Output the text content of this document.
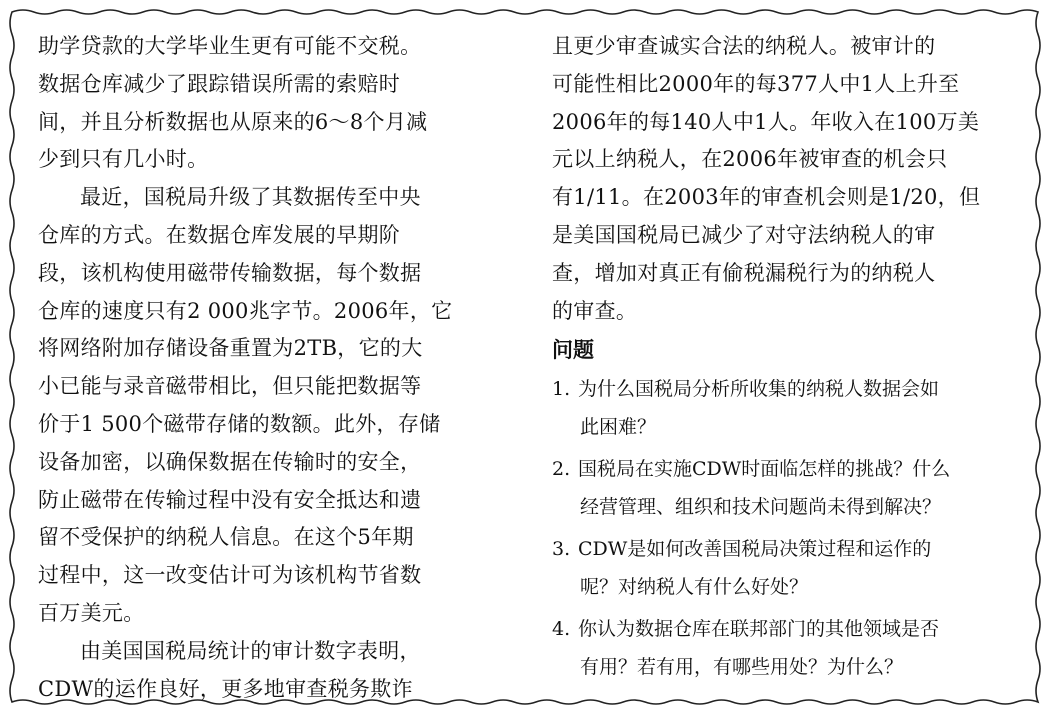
助学贷款的大学毕业生更有可能不交税。

数据仓库减少了跟踪错误所需的索赔时

间，并且分析数据也从原来的6～8个月减

少到只有几小时。

最近，国税局升级了其数据传至中央

仓库的方式。在数据仓库发展的早期阶

段，该机构使用磁带传输数据，每个数据

仓库的速度只有2 000兆字节。2006年，它

将网络附加存储设备重置为2TB，它的大

小已能与录音磁带相比，但只能把数据等

价于1 500个磁带存储的数额。此外，存储

设备加密，以确保数据在传输时的安全，

防止磁带在传输过程中没有安全抵达和遗

留不受保护的纳税人信息。在这个5年期

过程中，这一改变估计可为该机构节省数

百万美元。

由美国国税局统计的审计数字表明，

CDW的运作良好，更多地审查税务欺诈

且更少审查诚实合法的纳税人。被审计的

可能性相比2000年的每377人中1人上升至

2006年的每140人中1人。年收入在100万美

元以上纳税人，在2006年被审查的机会只

有1/11。在2003年的审查机会则是1/20，但

是美国国税局已减少了对守法纳税人的审

查，增加对真正有偷税漏税行为的纳税人

的审查。

问题

1. 为什么国税局分析所收集的纳税人数据会如

此困难？

2. 国税局在实施CDW时面临怎样的挑战？什么

经营管理、组织和技术问题尚未得到解决？

3. CDW是如何改善国税局决策过程和运作的

呢？对纳税人有什么好处？

4. 你认为数据仓库在联邦部门的其他领域是否

有用？若有用，有哪些用处？为什么？
